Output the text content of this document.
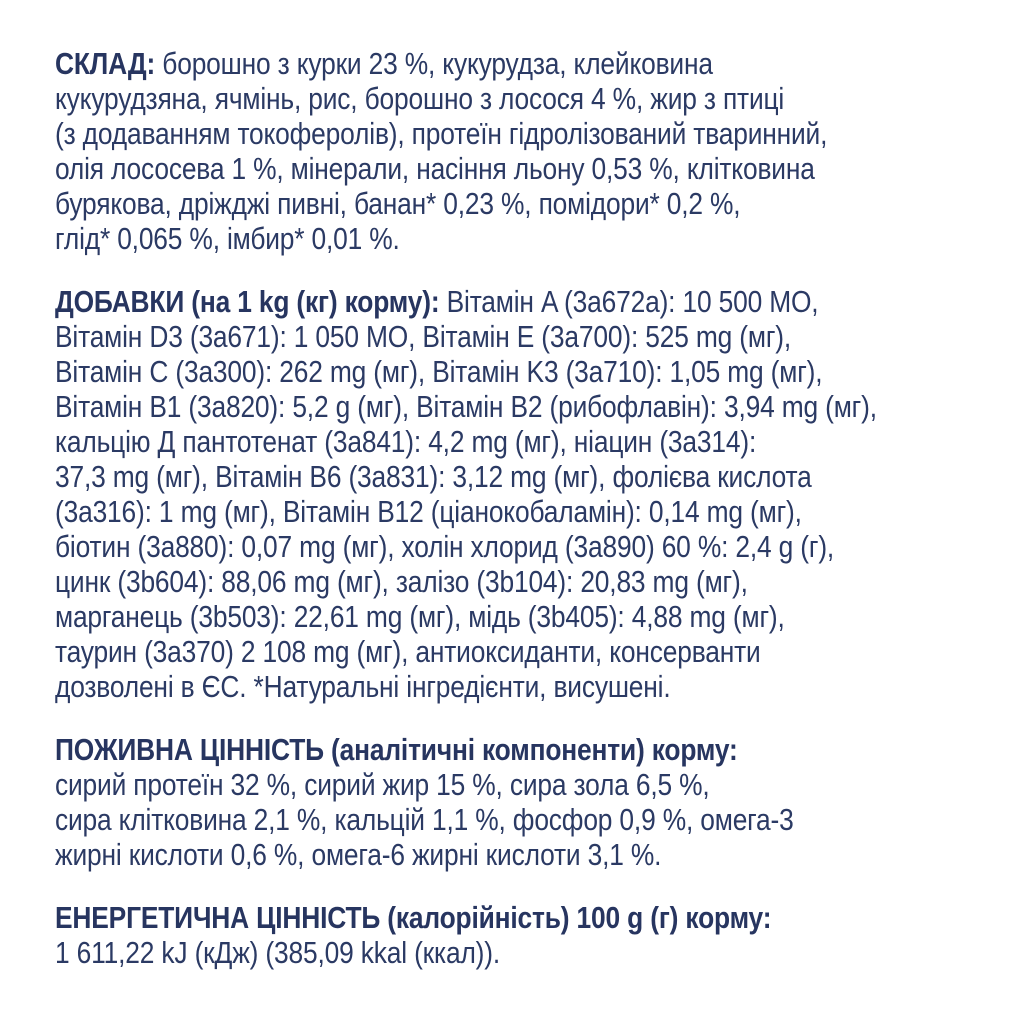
СКЛАД: борошно з курки 23 %, кукурудза, клейковина
кукурудзяна, ячмінь, рис, борошно з лосося 4 %, жир з птиці
(з додаванням токоферолів), протеїн гідролізований тваринний,
олія лососева 1 %, мінерали, насіння льону 0,53 %, клітковина
бурякова, дріжджі пивні, банан* 0,23 %, помідори* 0,2 %,
глід* 0,065 %, імбир* 0,01 %.
ДОБАВКИ (на 1 kg (кг) корму): Вітамін A (3a672a): 10 500 МО,
Вітамін D3 (3a671): 1 050 МО, Вітамін E (3a700): 525 mg (мг),
Вітамін C (3a300): 262 mg (мг), Вітамін K3 (3a710): 1,05 mg (мг),
Вітамін B1 (3a820): 5,2 g (мг), Вітамін B2 (рибофлавін): 3,94 mg (мг),
кальцію Д пантотенат (3a841): 4,2 mg (мг), ніацин (3a314):
37,3 mg (мг), Вітамін B6 (3a831): 3,12 mg (мг), фолієва кислота
(3a316): 1 mg (мг), Вітамін B12 (ціанокобаламін): 0,14 mg (мг),
біотин (3a880): 0,07 mg (мг), холін хлорид (3a890) 60 %: 2,4 g (г),
цинк (3b604): 88,06 mg (мг), залізо (3b104): 20,83 mg (мг),
марганець (3b503): 22,61 mg (мг), мідь (3b405): 4,88 mg (мг),
таурин (3a370) 2 108 mg (мг), антиоксиданти, консерванти
дозволені в ЄС. *Натуральні інгредієнти, висушені.
ПОЖИВНА ЦІННІСТЬ (аналітичні компоненти) корму:
сирий протеїн 32 %, сирий жир 15 %, сира зола 6,5 %,
сира клітковина 2,1 %, кальцій 1,1 %, фосфор 0,9 %, омега-3
жирні кислоти 0,6 %, омега-6 жирні кислоти 3,1 %.
ЕНЕРГЕТИЧНА ЦІННІСТЬ (калорійність) 100 g (г) корму:
1 611,22 kJ (кДж) (385,09 kkal (ккал)).
